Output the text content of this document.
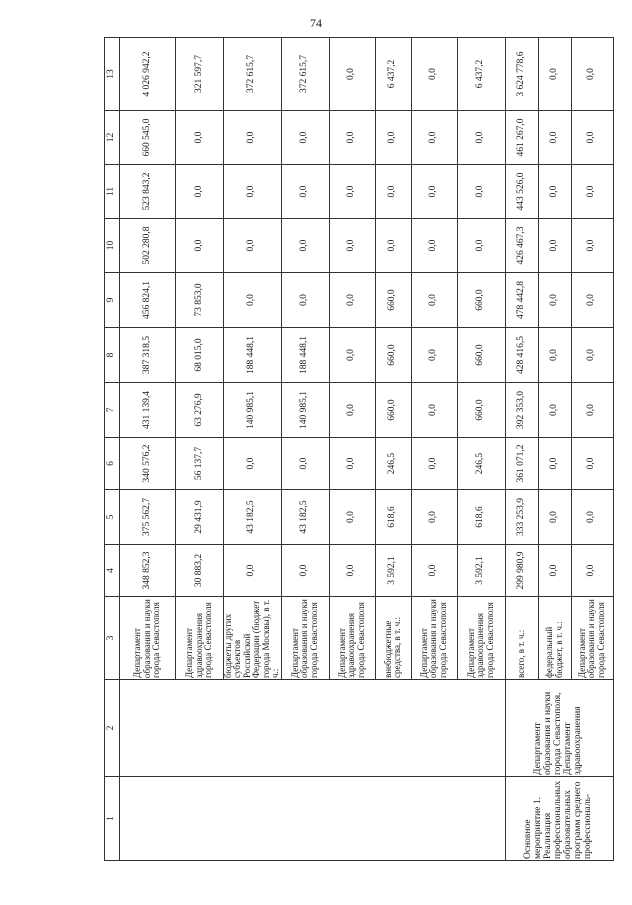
74
1	2	3	4	5	6	7	8	9	10	11	12	13
		Департамент образования и науки города Севастополя	348 852,3	375 562,7	340 576,2	431 139,4	387 318,5	456 824,1	502 280,8	523 843,2	660 545,0	4 026 942,2
		Департамент здравоохранения города Севастополя	30 883,2	29 431,9	56 137,7	63 276,9	68 015,0	73 853,0	0,0	0,0	0,0	321 597,7
		бюджеты других субъектов Российской Федерации (бюджет города Москвы), в т. ч.:	0,0	43 182,5	0,0	140 985,1	188 448,1	0,0	0,0	0,0	0,0	372 615,7
		Департамент образования и науки города Севастополя	0,0	43 182,5	0,0	140 985,1	188 448,1	0,0	0,0	0,0	0,0	372 615,7
		Департамент здравоохранения города Севастополя	0,0	0,0	0,0	0,0	0,0	0,0	0,0	0,0	0,0	0,0
		внебюджетные средства, в т. ч.:	3 592,1	618,6	246,5	660,0	660,0	660,0	0,0	0,0	0,0	6 437,2
		Департамент образования и науки города Севастополя	0,0	0,0	0,0	0,0	0,0	0,0	0,0	0,0	0,0	0,0
		Департамент здравоохранения города Севастополя	3 592,1	618,6	246,5	660,0	660,0	660,0	0,0	0,0	0,0	6 437,2
Основное мероприятие 1. Реализация профессиональных образовательных программ среднего профессиональ-	Департамент образования и науки города Севастополя, Департамент здравоохранения	всего, в т. ч.:	299 980,9	333 253,9	361 071,2	392 353,0	428 416,5	478 442,8	426 467,3	443 526,0	461 267,0	3 624 778,6
		федеральный бюджет, в т. ч.:	0,0	0,0	0,0	0,0	0,0	0,0	0,0	0,0	0,0	0,0
		Департамент образования и науки города Севастополя	0,0	0,0	0,0	0,0	0,0	0,0	0,0	0,0	0,0	0,0
